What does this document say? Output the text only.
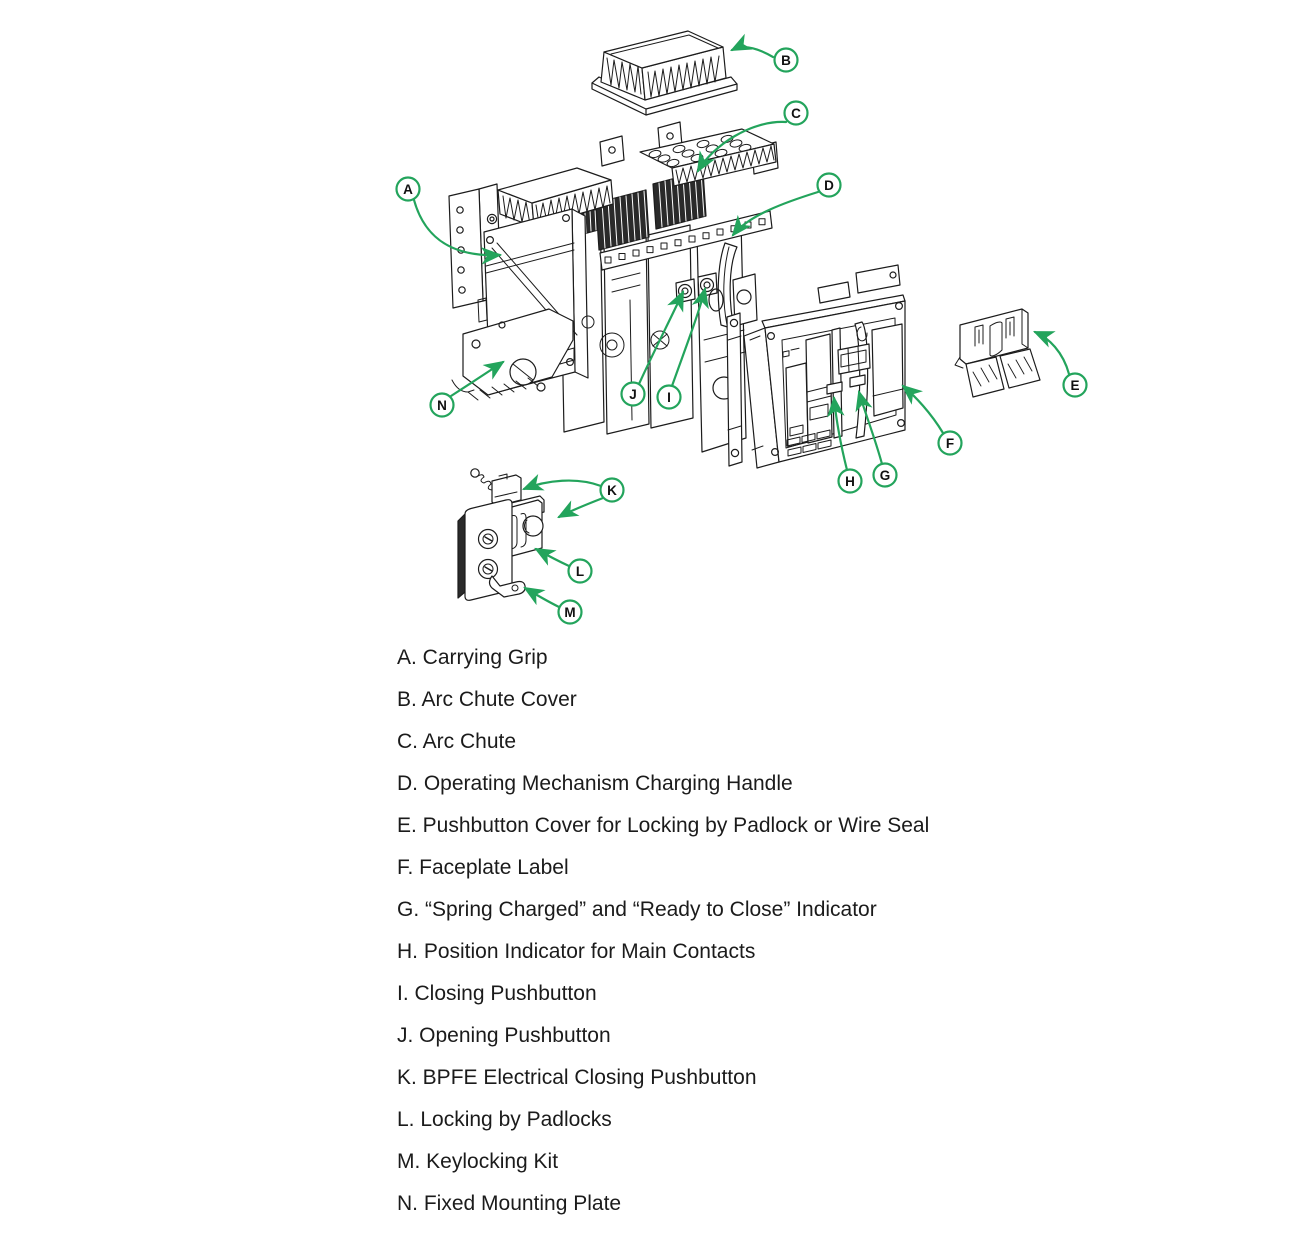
A
B
C
D
E
F
G
H
I
J
K
L
M
N
A. Carrying Grip
B. Arc Chute Cover
C. Arc Chute
D. Operating Mechanism Charging Handle
E. Pushbutton Cover for Locking by Padlock or Wire Seal
F. Faceplate Label
G. “Spring Charged” and “Ready to Close” Indicator
H. Position Indicator for Main Contacts
I. Closing Pushbutton
J. Opening Pushbutton
K. BPFE Electrical Closing Pushbutton
L. Locking by Padlocks
M. Keylocking Kit
N. Fixed Mounting Plate
